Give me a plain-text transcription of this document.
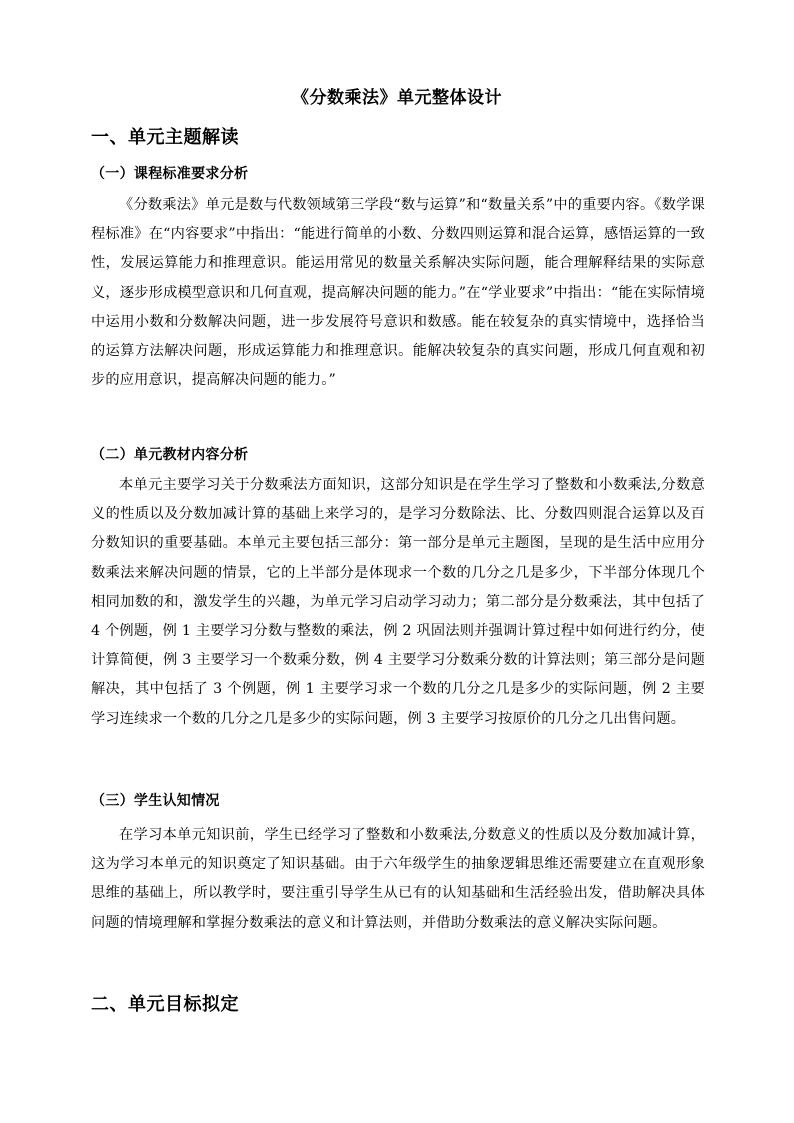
《分数乘法》单元整体设计
一、单元主题解读
（一）课程标准要求分析
《分数乘法》单元是数与代数领域第三学段“数与运算”和“数量关系”中的重要内容。《数学课程标准》在“内容要求”中指出：“能进行简单的小数、分数四则运算和混合运算，感悟运算的一致性，发展运算能力和推理意识。能运用常见的数量关系解决实际问题，能合理解释结果的实际意义，逐步形成模型意识和几何直观，提高解决问题的能力。”在“学业要求”中指出：“能在实际情境中运用小数和分数解决问题，进一步发展符号意识和数感。能在较复杂的真实情境中，选择恰当的运算方法解决问题，形成运算能力和推理意识。能解决较复杂的真实问题，形成几何直观和初步的应用意识，提高解决问题的能力。”
（二）单元教材内容分析
本单元主要学习关于分数乘法方面知识，这部分知识是在学生学习了整数和小数乘法,分数意义的性质以及分数加减计算的基础上来学习的，是学习分数除法、比、分数四则混合运算以及百分数知识的重要基础。本单元主要包括三部分：第一部分是单元主题图，呈现的是生活中应用分数乘法来解决问题的情景，它的上半部分是体现求一个数的几分之几是多少，下半部分体现几个相同加数的和，激发学生的兴趣，为单元学习启动学习动力；第二部分是分数乘法，其中包括了 4 个例题，例 1 主要学习分数与整数的乘法，例 2 巩固法则并强调计算过程中如何进行约分，使计算简便，例 3 主要学习一个数乘分数，例 4 主要学习分数乘分数的计算法则；第三部分是问题解决，其中包括了 3 个例题，例 1 主要学习求一个数的几分之几是多少的实际问题，例 2 主要学习连续求一个数的几分之几是多少的实际问题，例 3 主要学习按原价的几分之几出售问题。
（三）学生认知情况
在学习本单元知识前，学生已经学习了整数和小数乘法,分数意义的性质以及分数加减计算，这为学习本单元的知识奠定了知识基础。由于六年级学生的抽象逻辑思维还需要建立在直观形象思维的基础上，所以教学时，要注重引导学生从已有的认知基础和生活经验出发，借助解决具体问题的情境理解和掌握分数乘法的意义和计算法则，并借助分数乘法的意义解决实际问题。
二、单元目标拟定
